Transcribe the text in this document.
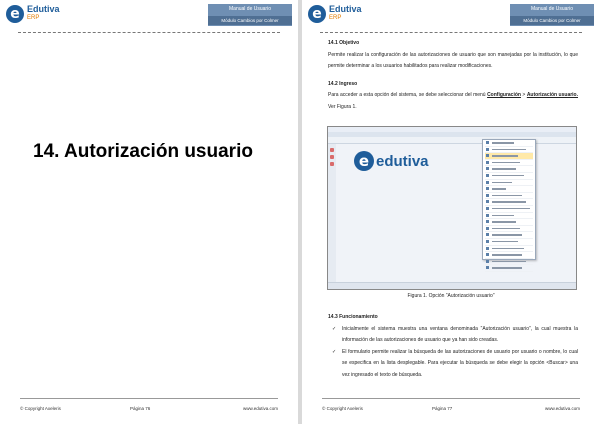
e Edutiva
ERP
Manual de Usuario
Módulo Cambios por Colmer
14. Autorización usuario
© Copyright Axeleris	Página 76	www.edutiva.com
e Edutiva
ERP
Manual de Usuario
Módulo Cambios por Colmer

14.1 Objetivo

Permite realizar la configuración de las autorizaciones de usuario que son manejadas por la institución, lo que permite determinar a los usuarios habilitados para realizar modificaciones.

14.2 Ingreso

Para acceder a esta opción del sistema, se debe seleccionar del menú Configuración > Autorización usuario. Ver Figura 1.

e edutiva
Figura 1. Opción “Autorización usuario”

14.3 Funcionamiento

✓	Inicialmente el sistema muestra una ventana denominada “Autorización usuario”, la cual muestra la información de las autorizaciones de usuario que ya han sido creadas.
✓	El formulario permite realizar la búsqueda de las autorizaciones de usuario por usuario o nombre, lo cual se especifica en la lista desplegable. Para ejecutar la búsqueda se debe elegir la opción <Buscar> una vez ingresado el texto de búsqueda.
© Copyright Axeleris	Página 77	www.edutiva.com
